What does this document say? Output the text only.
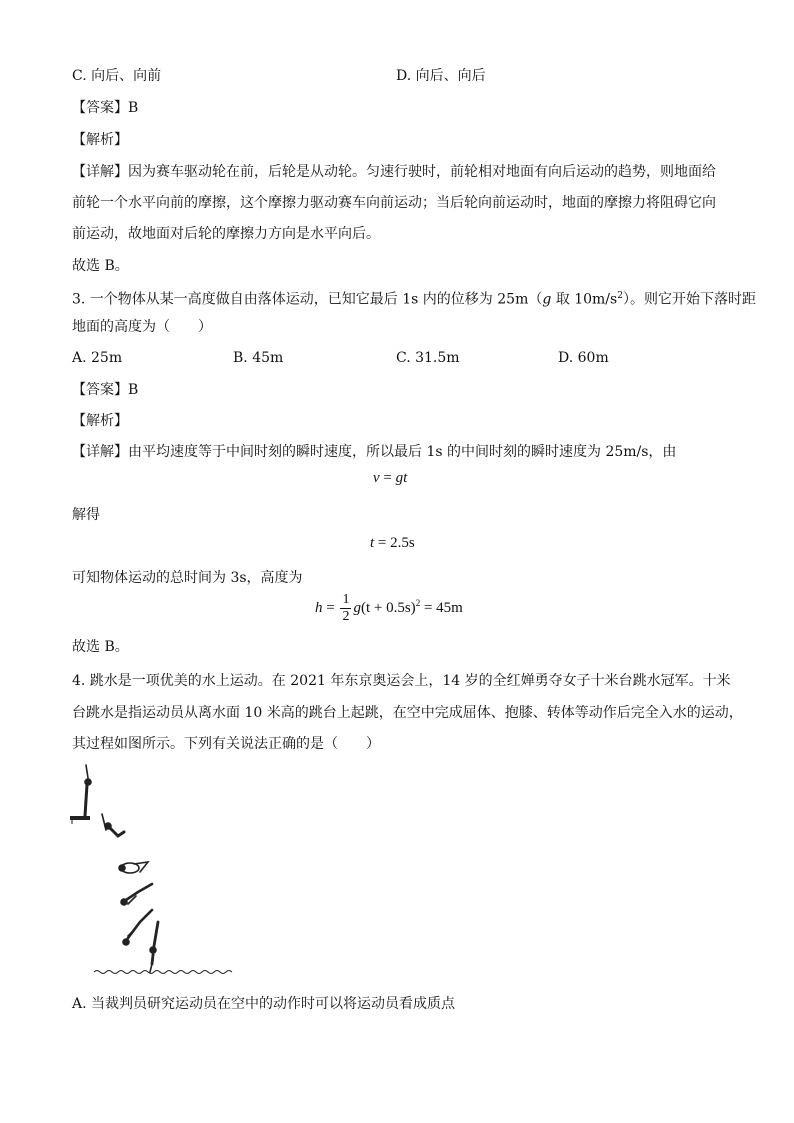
C. 向后、向前	D. 向后、向后
【答案】B
【解析】
【详解】因为赛车驱动轮在前，后轮是从动轮。匀速行驶时，前轮相对地面有向后运动的趋势，则地面给
前轮一个水平向前的摩擦，这个摩擦力驱动赛车向前运动；当后轮向前运动时，地面的摩擦力将阻碍它向
前运动，故地面对后轮的摩擦力方向是水平向后。
故选 B。
3. 一个物体从某一高度做自由落体运动，已知它最后 1s 内的位移为 25m（g 取 $10m/s^2$）。则它开始下落时距
地面的高度为（　　）
A. 25m	B. 45m	C. 31.5m	D. 60m
【答案】B
【解析】
【详解】由平均速度等于中间时刻的瞬时速度，所以最后 1s 的中间时刻的瞬时速度为 25m/s，由
v = gt
解得
t = 2.5s
可知物体运动的总时间为 3s，高度为
$h = \frac{1}{2} g(t + 0.5s)^2 = 45m$
故选 B。
4. 跳水是一项优美的水上运动。在 2021 年东京奥运会上，14 岁的全红婵勇夺女子十米台跳水冠军。十米
台跳水是指运动员从离水面 10 米高的跳台上起跳，在空中完成屈体、抱膝、转体等动作后完全入水的运动，
其过程如图所示。下列有关说法正确的是（　　）
A. 当裁判员研究运动员在空中的动作时可以将运动员看成质点
